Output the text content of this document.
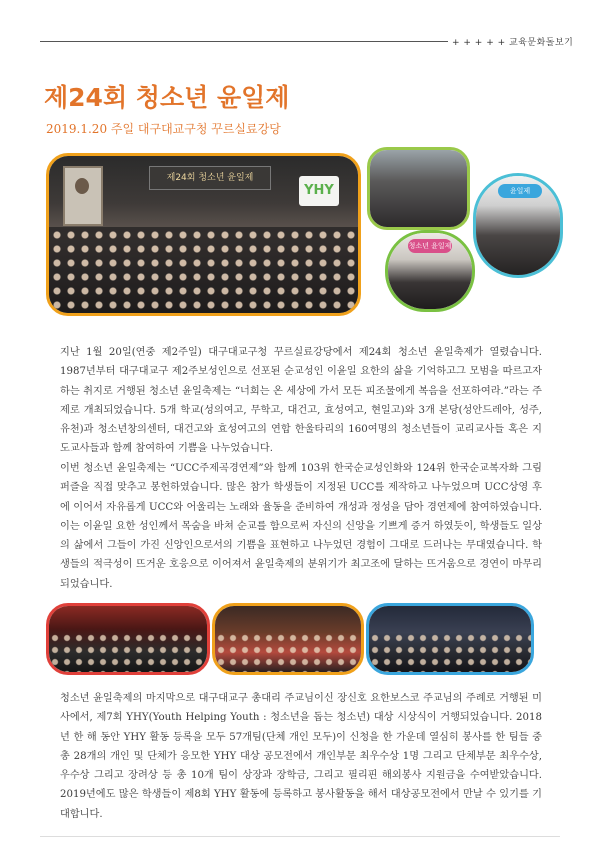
+ + + + + 교육문화돌보기
제24회 청소년 윤일제
2019.1.20 주일 대구대교구청 꾸르실료강당
제24회 청소년 윤일제
YHY	윤일제
청소년 윤일제

지난 1월 20일(연중 제2주일) 대구대교구청 꾸르실료강당에서 제24회 청소년 윤일축제가 열렸습니다. 1987년부터 대구대교구 제2주보성인으로 선포된 순교성인 이윤일 요한의 삶을 기억하고그 모범을 따르고자 하는 취지로 거행된 청소년 윤일축제는 “너희는 온 세상에 가서 모든 피조물에게 복음을 선포하여라.”라는 주제로 개최되었습니다. 5개 학교(성의여고, 무학고, 대건고, 효성여고, 현일고)와 3개 본당(성안드레아, 성주, 유천)과 청소년창의센터, 대건고와 효성여고의 연합 한울타리의 160여명의 청소년들이 교리교사들 혹은 지도교사들과 함께 참여하여 기쁨을 나누었습니다.

이번 청소년 윤일축제는 “UCC주제곡경연제”와 함께 103위 한국순교성인화와 124위 한국순교복자화 그림퍼즐을 직접 맞추고 봉헌하였습니다. 많은 참가 학생들이 지정된 UCC를 제작하고 나누었으며 UCC상영 후에 이어서 자유롭게 UCC와 어울리는 노래와 율동을 준비하여 개성과 정성을 담아 경연제에 참여하였습니다. 이는 이윤일 요한 성인께서 목숨을 바쳐 순교를 함으로써 자신의 신앙을 기쁘게 증거 하였듯이, 학생들도 일상의 삶에서 그들이 가진 신앙인으로서의 기쁨을 표현하고 나누었던 경험이 그대로 드러나는 무대였습니다. 학생들의 적극성이 뜨거운 호응으로 이어져서 윤일축제의 분위기가 최고조에 달하는 뜨거움으로 경연이 마무리 되었습니다.

청소년 윤일축제의 마지막으로 대구대교구 총대리 주교님이신 장신호 요한보스코 주교님의 주례로 거행된 미사에서, 제7회 YHY(Youth Helping Youth : 청소년을 돕는 청소년) 대상 시상식이 거행되었습니다. 2018년 한 해 동안 YHY 활동 등록을 모두 57개팀(단체 개인 모두)이 신청을 한 가운데 열심히 봉사를 한 팀들 중 총 28개의 개인 및 단체가 응모한 YHY 대상 공모전에서 개인부문 최우수상 1명 그리고 단체부문 최우수상, 우수상 그리고 장려상 등 총 10개 팀이 상장과 장학금, 그리고 필리핀 해외봉사 지원금을 수여받았습니다. 2019년에도 많은 학생들이 제8회 YHY 활동에 등록하고 봉사활동을 해서 대상공모전에서 만날 수 있기를 기대합니다.
